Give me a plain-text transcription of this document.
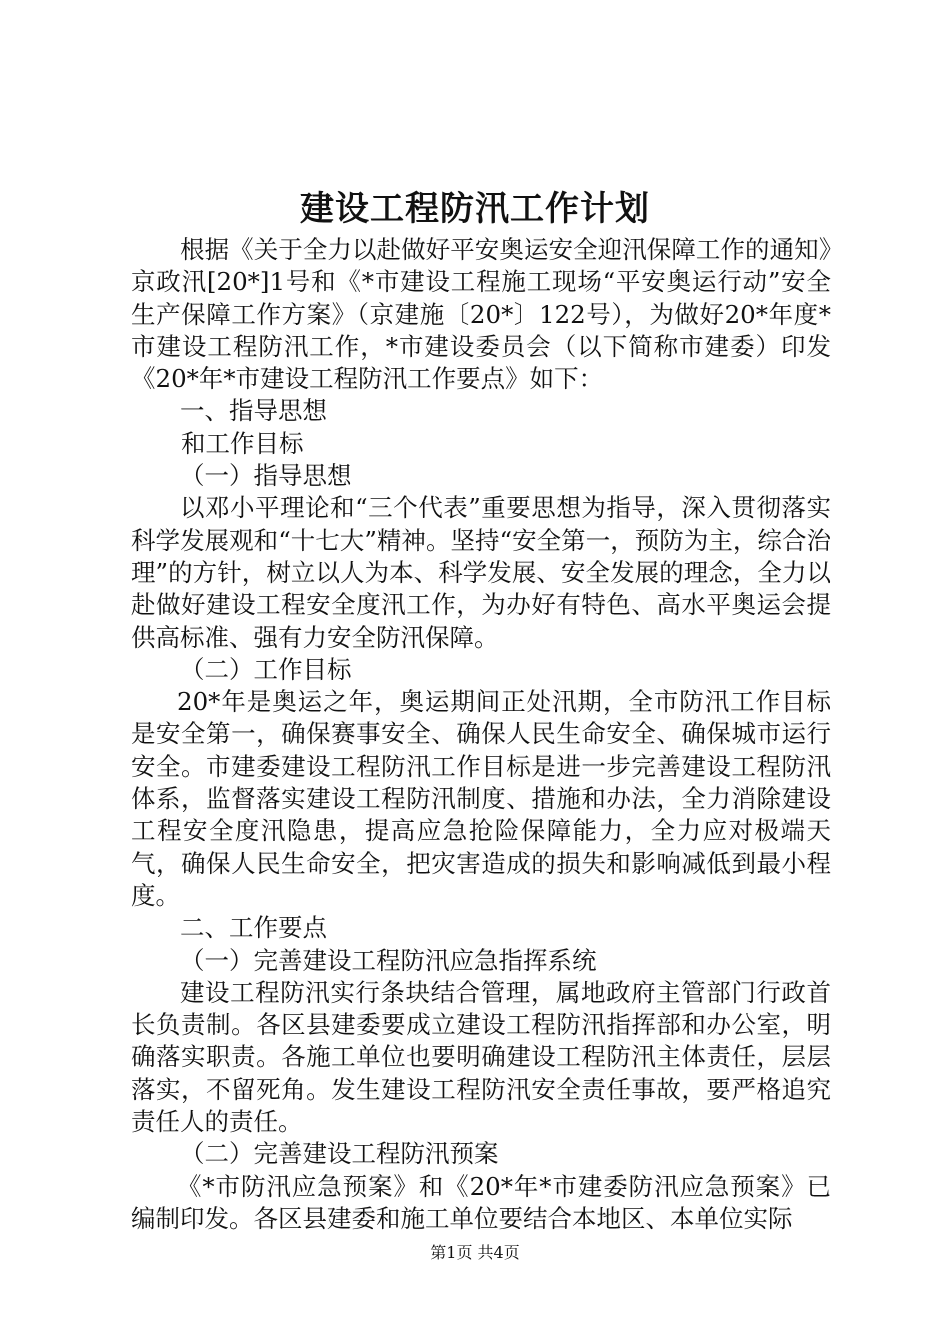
建设工程防汛工作计划

根据《关于全力以赴做好平安奥运安全迎汛保障工作的通知》京政汛[20*]1号和《*市建设工程施工现场“平安奥运行动”安全生产保障工作方案》（京建施〔20*〕122号），为做好20*年度*市建设工程防汛工作，*市建设委员会（以下简称市建委）印发《20*年*市建设工程防汛工作要点》如下：

一、指导思想

和工作目标

（一）指导思想

以邓小平理论和“三个代表”重要思想为指导，深入贯彻落实科学发展观和“十七大”精神。坚持“安全第一，预防为主，综合治理”的方针，树立以人为本、科学发展、安全发展的理念，全力以赴做好建设工程安全度汛工作，为办好有特色、高水平奥运会提供高标准、强有力安全防汛保障。

（二）工作目标

20*年是奥运之年，奥运期间正处汛期，全市防汛工作目标是安全第一，确保赛事安全、确保人民生命安全、确保城市运行安全。市建委建设工程防汛工作目标是进一步完善建设工程防汛体系，监督落实建设工程防汛制度、措施和办法，全力消除建设工程安全度汛隐患，提高应急抢险保障能力，全力应对极端天气，确保人民生命安全，把灾害造成的损失和影响减低到最小程度。

二、工作要点

（一）完善建设工程防汛应急指挥系统

建设工程防汛实行条块结合管理，属地政府主管部门行政首长负责制。各区县建委要成立建设工程防汛指挥部和办公室，明确落实职责。各施工单位也要明确建设工程防汛主体责任，层层落实，不留死角。发生建设工程防汛安全责任事故，要严格追究责任人的责任。

（二）完善建设工程防汛预案

《*市防汛应急预案》和《20*年*市建委防汛应急预案》已编制印发。各区县建委和施工单位要结合本地区、本单位实际

第1页 共4页
